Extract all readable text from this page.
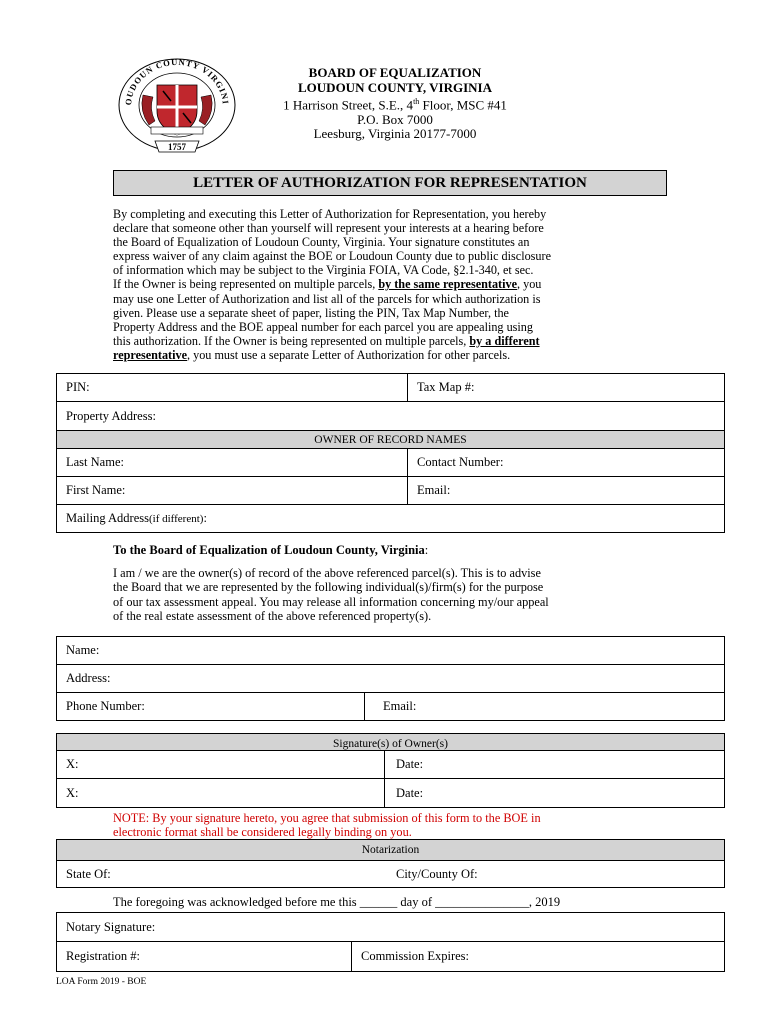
OUDOUN COUNTY VIRGINI
1757
BOARD OF EQUALIZATION
LOUDOUN COUNTY, VIRGINIA
1 Harrison Street, S.E., 4th Floor, MSC #41
P.O. Box 7000
Leesburg, Virginia 20177-7000
LETTER OF AUTHORIZATION FOR REPRESENTATION
By completing and executing this Letter of Authorization for Representation, you hereby
declare that someone other than yourself will represent your interests at a hearing before
the Board of Equalization of Loudoun County, Virginia. Your signature constitutes an
express waiver of any claim against the BOE or Loudoun County due to public disclosure
of information which may be subject to the Virginia FOIA, VA Code, §2.1-340, et sec.
If the Owner is being represented on multiple parcels, by the same representative, you
may use one Letter of Authorization and list all of the parcels for which authorization is
given. Please use a separate sheet of paper, listing the PIN, Tax Map Number, the
Property Address and the BOE appeal number for each parcel you are appealing using
this authorization. If the Owner is being represented on multiple parcels, by a different
representative, you must use a separate Letter of Authorization for other parcels.
PIN:	Tax Map #:
Property Address:
OWNER OF RECORD NAMES
Last Name:	Contact Number:
First Name:	Email:
Mailing Address (if different) :
To the Board of Equalization of Loudoun County, Virginia:
I am / we are the owner(s) of record of the above referenced parcel(s). This is to advise
the Board that we are represented by the following individual(s)/firm(s) for the purpose
of our tax assessment appeal. You may release all information concerning my/our appeal
of the real estate assessment of the above referenced property(s).
Name:
Address:
Phone Number:	Email:
Signature(s) of Owner(s)
X:	Date:
X:	Date:
NOTE: By your signature hereto, you agree that submission of this form to the BOE in
electronic format shall be considered legally binding on you.
Notarization
State Of:	City/County Of:
The foregoing was acknowledged before me this ______ day of _______________, 2019
Notary Signature:
Registration #:	Commission Expires:
LOA Form 2019 - BOE
